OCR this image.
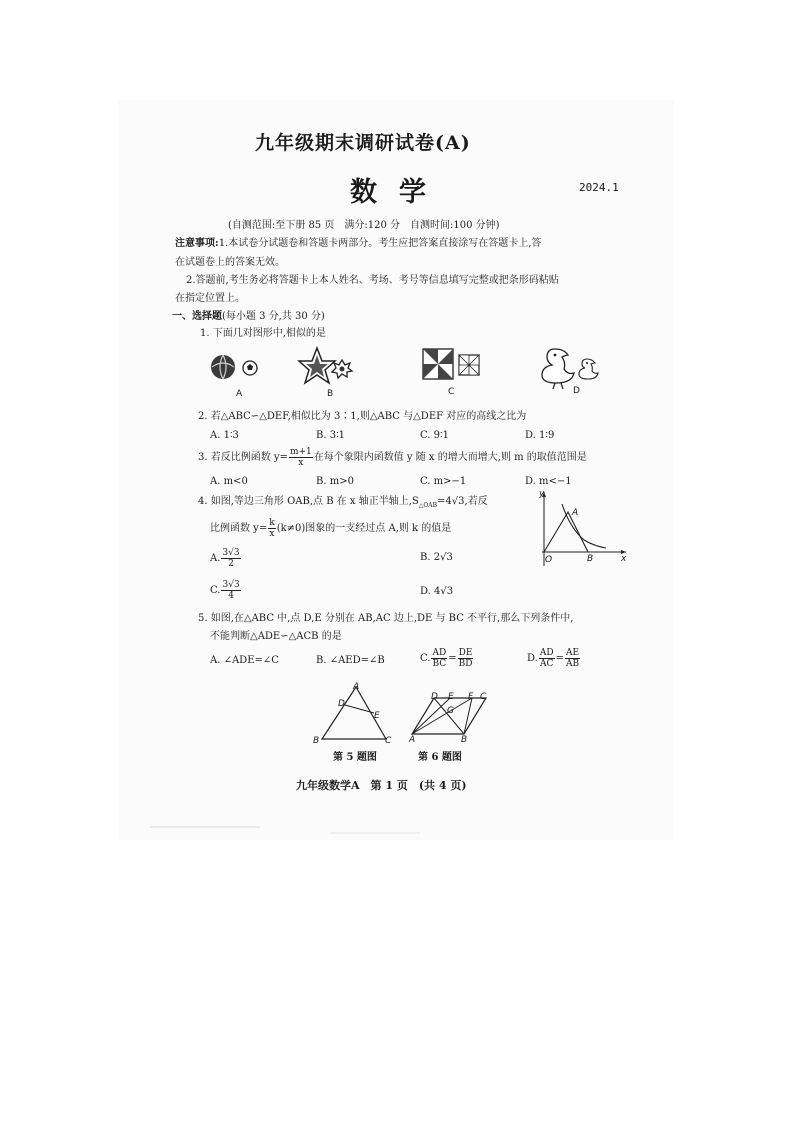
九年级期末调研试卷(A)
数学	2024.1
(自测范围:至下册 85 页　满分:120 分　自测时间:100 分钟)
注意事项:1.本试卷分试题卷和答题卡两部分。考生应把答案直接涂写在答题卡上,答
在试题卷上的答案无效。
2.答题前,考生务必将答题卡上本人姓名、考场、考号等信息填写完整或把条形码粘贴
在指定位置上。
一、选择题(每小题 3 分,共 30 分)
1. 下面几对图形中,相似的是
A	B	C	D
2. 若△ABC∽△DEF,相似比为 3∶1,则△ABC 与△DEF 对应的高线之比为
A. 1∶3	B. 3∶1	C. 9∶1	D. 1∶9
3. 若反比例函数 $y= \frac{m+1}{x}$ 在每个象限内函数值 y 随 x 的增大而增大,则 m 的取值范围是
A. m<0	B. m>0	C. m>−1	D. m<−1
4. 如图,等边三角形 OAB,点 B 在 x 轴正半轴上$,S_{\triangle OAB}=4√3$,若反
比例函数 $y= \frac{k}{x} (k\ne 0)$图象的一支经过点 A,则 k 的值是
A. $\frac{3√3}{2}$	B. 2√3
C. $\frac{3√3}{4}$	D. 4√3
y
A
O	B	x
5. 如图,在△ABC 中,点 D,E 分别在 AB,AC 边上,DE 与 BC 不平行,那么下列条件中,
不能判断△ADE∽△ACB 的是
A. ∠ADE=∠C	B. ∠AED=∠B	C. $\frac{AD}{BC} = \frac{DE}{BD}$	D. $\frac{AD}{AC} = \frac{AE}{AB}$
A
D
E
B	C
D E F C
G
A	B
第 5 题图	第 6 题图
九年级数学A　第 1 页　(共 4 页)
